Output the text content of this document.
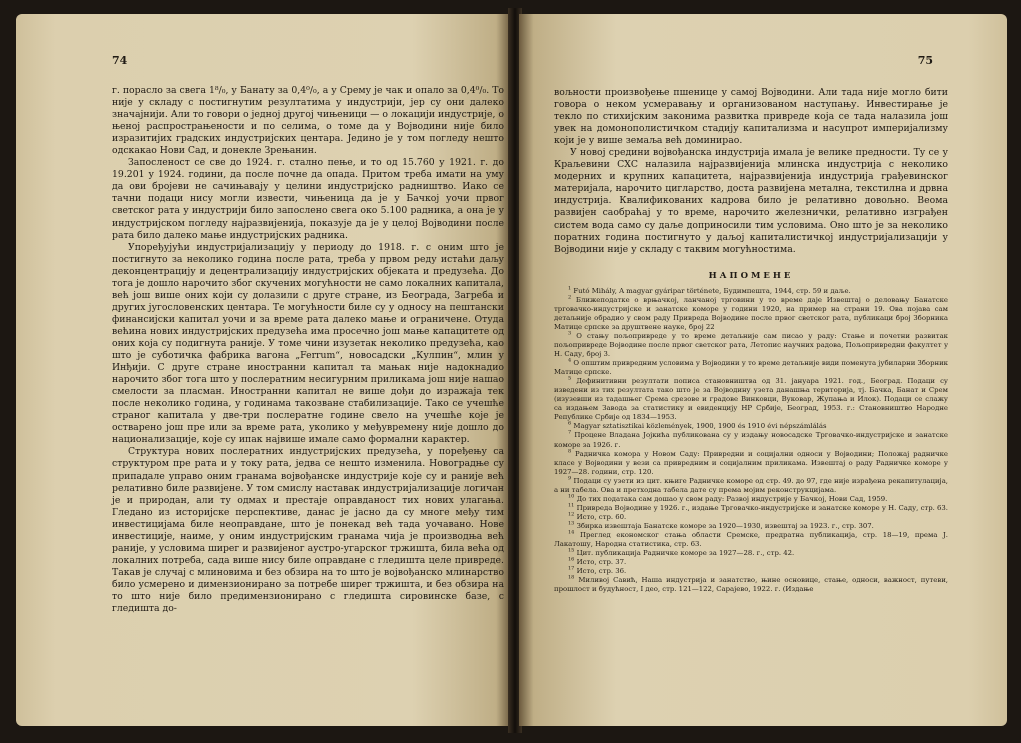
74

г. порасло за свега 1⁸/₀, у Банату за 0,4⁰/₀, а у Срему је чак и опало за 0,4⁰/₀. То није у складу с постигнутим резултатима у индустрији, јер су они далеко значајнији. Али то говори о једној другој чињеници — о локацији индустрије, о њеној распрострањености и по селима, о томе да у Војводини није било изразитијих градских индустријских центара. Једино је у том погледу нешто одскакао Нови Сад, и донекле Зрењанин.

Запосленост се све до 1924. г. стално пење, и то од 15.760 у 1921. г. до 19.201 у 1924. години, да после почне да опада. Притом треба имати на уму да ови бројеви не сачињавају у целини индустријско радништво. Иако се тачни подаци нису могли извести, чињеница да је у Бачкој уочи првог светског рата у индустрији било запослено свега око 5.100 радника, а она је у индустријском погледу најразвијенија, показује да је у целој Војводини после рата било далеко мање индустријских радника.

Упоређујући индустријализацију у периоду до 1918. г. с оним што је постигнуто за неколико година после рата, треба у првом реду истаћи даљу деконцентрацију и децентрализацију индустријских објеката и предузећа. До тога је дошло нарочито због скучених могућности не само локалних капитала, већ још више оних који су долазили с друге стране, из Београда, Загреба и других југословенских центара. Те могућности биле су у односу на пештански финансијски капитал уочи и за време рата далеко мање и ограничене. Отуда већина нових индустријских предузећа има просечно још мање капацитете од оних која су подигнута раније. У томе чини изузетак неколико предузећа, као што је суботичка фабрика вагона „Ferrum“, новосадски „Кулпин“, млин у Инђији. С друге стране иностранни капитал та мањак није надокнадио нарочито због тога што у послератним несигурним приликама још није нашао смелости за пласман. Иностранни капитал не више дођи до изражаја тек после неколико година, у годинама такозване стабилизације. Тако се учешће страног капитала у две-три послератне године свело на учешће које је остварено још пре или за време рата, уколико у међувремену није дошло до национализације, које су ипак највише имале само формални карактер.

Структура нових послератних индустријских предузећа, у поређењу са структуром пре рата и у току рата, једва се нешто изменила. Новоградње су припадале управо оним гранама војвођанске индустрије које су и раније већ релативно биле развијене. У том смислу наставак индустријализације логичан је и природан, али ту одмах и престаје оправданост тих нових улагања. Гледано из историјске перспективе, данас је јасно да су многе међу тим инвестицијама биле неоправдане, што је понекад већ тада уочавано. Нове инвестиције, наиме, у оним индустријским гранама чија је производња већ раније, у условима ширег и развијеног аустро-угарског тржишта, била већа од локалних потреба, сада више нису биле оправдане с гледишта целе привреде. Такав је случај с млиновима и без обзира на то што је војвођанско млинарство било усмерено и димензионирано за потребе ширег тржишта, и без обзира на то што није било предимензионирано с гледишта сировинске базе, с гледишта до-

75

вољности произвођење пшенице у самој Војводини. Али тада није могло бити говора о неком усмеравању и организованом наступању. Инвестирање је текло по стихијским законима развитка привреде која се тада налазила још увек на домонополистичком стадију капитализма и насупрот империјализму који је у више земаља већ доминирао.

У новој средини војвођанска индустрија имала је велике предности. Ту се у Краљевини СХС налазила најразвијенија млинска индустрија с неколико модерних и крупних капацитета, најразвијенија индустрија грађевинског материјала, нарочито цигларство, доста развијена метална, текстилна и дрвна индустрија. Квалификованих кадрова било је релативно довољно. Веома развијен саобраћај у то време, нарочито железнички, релативно изграђен систем вода само су даље доприносили тим условима. Оно што је за неколико поратних година постигнуто у даљој капиталистичкој индустријализацији у Војводини није у складу с таквим могућностима.

НАПОМЕНЕ

$^1$ Futó Mihály, A magyar gyáripar története, Будимпешта, 1944, стр. 59 и даље.

$^2$ Ближеподатке о врњачкој, ланчаној трговини у то време даје Извештај о деловању Банатске трговачко-индустријске и занатске коморе у години 1920, на пример на страни 19. Ова појава сам детаљније обрадио у свом раду Привреда Војводине после првог светског рата, публикаци број Зборника Матице српске за друштвене науке, број 22

$^3$ О стању пољопривреде у то време детаљније сам писао у раду: Стање и почетни развитак пољопривреде Војводине после првог светског рата, Летопис научних радова, Пољопривредни факултет у Н. Саду, број 3.

$^4$ О општим привредним условима у Војводини у то време детаљније види поменута јубиларни Зборник Матице српске.

$^5$ Дефинитивни резултати пописа становништва од 31. јануара 1921. год., Београд. Подаци су изведени из тих резултата тако што је за Војводину узета данашња територија, тј. Бачка, Банат и Срем (изузевши из тадашњег Срема срезове и градове Винковци, Вуковар, Жупања и Илок). Подаци се слажу са издањем Завода за статистику и евиденцију НР Србије, Београд, 1953. г.: Становништво Народне Републике Србије од 1834—1953.

$^6$ Magyar sztatisztikai közlemények, 1900, 1900 és 1910 évi népszámlálás

$^7$ Процене Владана Јојкића публикована су у издању новосадске Трговачко-индустријске и занатске коморе за 1926. г.

$^8$ Радничка комора у Новом Саду: Привредни и социјални односи у Војводини; Положај радничке класе у Војводини у вези са привредним и социјалним приликама. Извештај о раду Радничке коморе у 1927—28. години, стр. 120.

$^9$ Подаци су узети из цит. књиге Радничке коморе од стр. 49. до 97, где није израђена рекапитулација, а ни табела. Ова и претходна табела дате су према мојим реконструкцијама.

$^{10}$ До тих података сам дошао у свом раду: Развој индустрије у Бачкој, Нови Сад, 1959.

$^{11}$ Привреда Војводине у 1926. г., издање Трговачко-индустријске и занатске коморе у Н. Саду, стр. 63.

$^{12}$ Исто, стр. 60.

$^{13}$ Збирка извештаја Банатске коморе за 1920—1930, извештај за 1923. г., стр. 307.

$^{14}$ Преглед економског стања области Сремске, предратна публикација, стр. 18—19, према Ј. Лакатошу, Народна статистика, стр. 63.

$^{15}$ Цит. публикација Радничке коморе за 1927—28. г., стр. 42.

$^{16}$ Исто, стр. 37.

$^{17}$ Исто, стр. 36.

$^{18}$ Миливој Савић, Наша индустрија и занатство, њине основице, стање, односи, важност, путеви, прошлост и будућност, I део, стр. 121—122, Сарајево, 1922. г. (Издање
